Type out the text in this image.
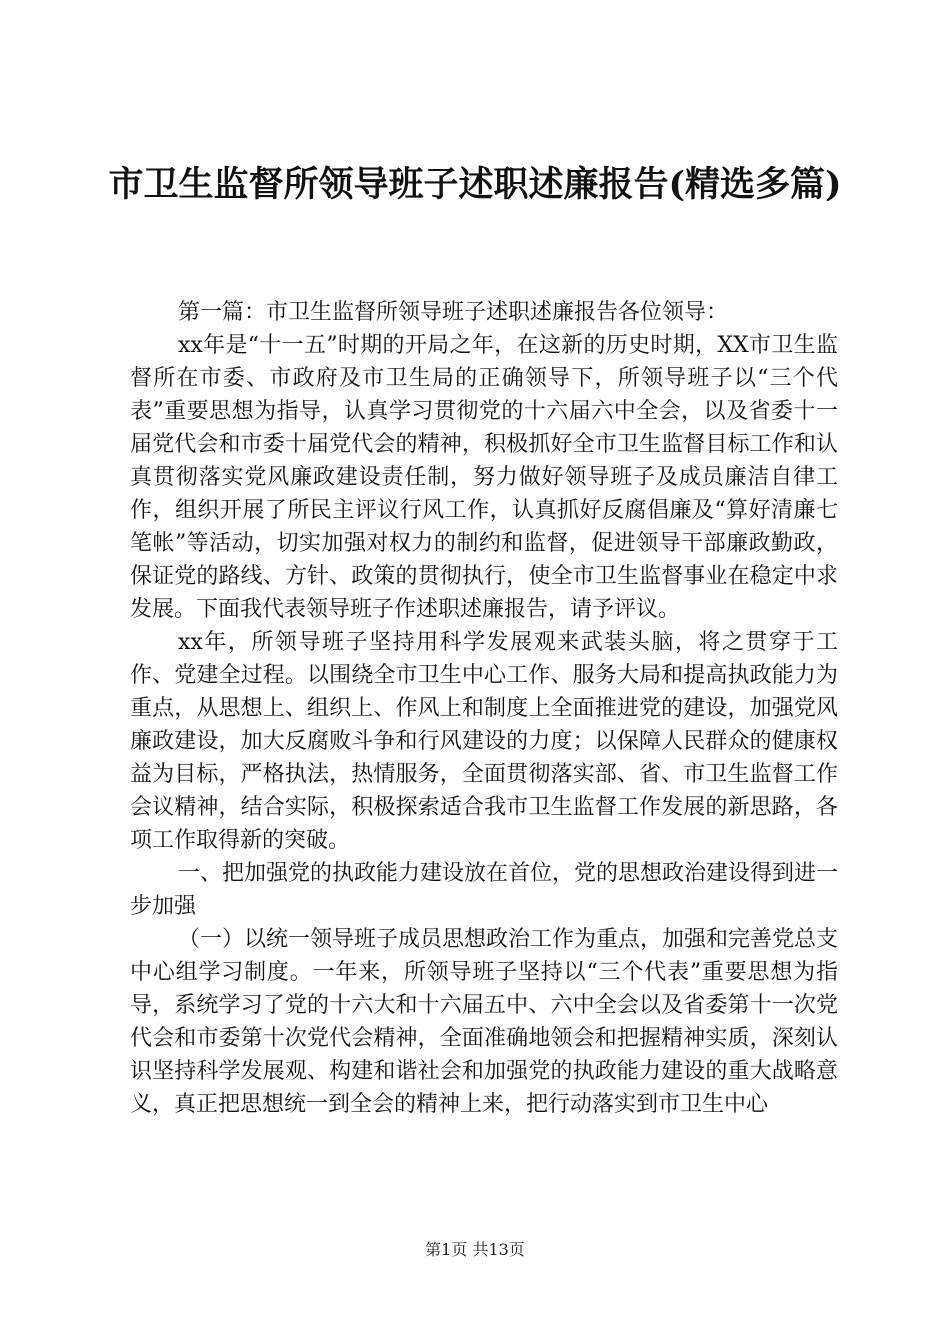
市卫生监督所领导班子述职述廉报告(精选多篇)

第一篇：市卫生监督所领导班子述职述廉报告各位领导：

xx年是“十一五”时期的开局之年，在这新的历史时期，XX市卫生监督所在市委、市政府及市卫生局的正确领导下，所领导班子以“三个代表”重要思想为指导，认真学习贯彻党的十六届六中全会，以及省委十一届党代会和市委十届党代会的精神，积极抓好全市卫生监督目标工作和认真贯彻落实党风廉政建设责任制，努力做好领导班子及成员廉洁自律工作，组织开展了所民主评议行风工作，认真抓好反腐倡廉及“算好清廉七笔帐”等活动，切实加强对权力的制约和监督，促进领导干部廉政勤政，保证党的路线、方针、政策的贯彻执行，使全市卫生监督事业在稳定中求发展。下面我代表领导班子作述职述廉报告，请予评议。

xx年，所领导班子坚持用科学发展观来武装头脑，将之贯穿于工作、党建全过程。以围绕全市卫生中心工作、服务大局和提高执政能力为重点，从思想上、组织上、作风上和制度上全面推进党的建设，加强党风廉政建设，加大反腐败斗争和行风建设的力度；以保障人民群众的健康权益为目标，严格执法，热情服务，全面贯彻落实部、省、市卫生监督工作会议精神，结合实际，积极探索适合我市卫生监督工作发展的新思路，各项工作取得新的突破。

一、把加强党的执政能力建设放在首位，党的思想政治建设得到进一步加强

（一）以统一领导班子成员思想政治工作为重点，加强和完善党总支中心组学习制度。一年来，所领导班子坚持以“三个代表”重要思想为指导，系统学习了党的十六大和十六届五中、六中全会以及省委第十一次党代会和市委第十次党代会精神，全面准确地领会和把握精神实质，深刻认识坚持科学发展观、构建和谐社会和加强党的执政能力建设的重大战略意义，真正把思想统一到全会的精神上来，把行动落实到市卫生中心

第1页 共13页
